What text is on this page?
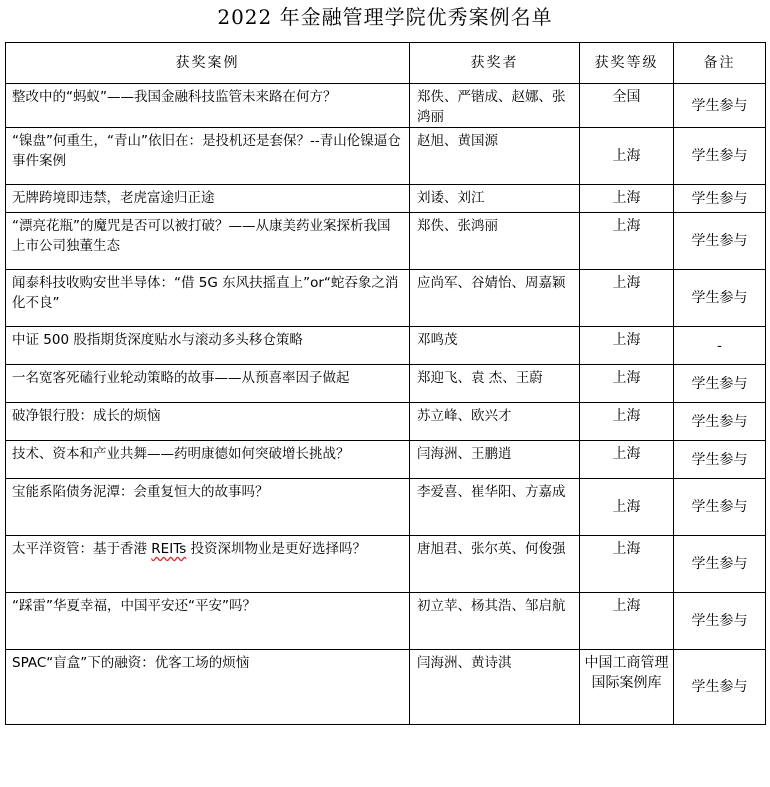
2022 年金融管理学院优秀案例名单
获奖案例	获奖者	获奖等级	备注
整改中的“蚂蚁”——我国金融科技监管未来路在何方？	郑佚、严锴成、赵娜、张鸿丽	全国	学生参与
“镍盘”何重生，“青山”依旧在：是投机还是套保？--青山伦镍逼仓事件案例	赵旭、黄国源	上海	学生参与
无牌跨境即违禁，老虎富途归正途	刘诿、刘江	上海	学生参与
“漂亮花瓶”的魔咒是否可以被打破？——从康美药业案探析我国上市公司独董生态	郑佚、张鸿丽	上海	学生参与
闻泰科技收购安世半导体：“借 5G 东风扶摇直上”or“蛇吞象之消化不良”	应尚军、谷婧怡、周嘉颖	上海	学生参与
中证 500 股指期货深度贴水与滚动多头移仓策略	邓鸣茂	上海	-
一名宽客死磕行业轮动策略的故事——从预喜率因子做起	郑迎飞、袁 杰、王蔚	上海	学生参与
破净银行股：成长的烦恼	苏立峰、欧兴才	上海	学生参与
技术、资本和产业共舞——药明康德如何突破增长挑战？	闫海洲、王鹏逍	上海	学生参与
宝能系陷债务泥潭：会重复恒大的故事吗？	李爱喜、崔华阳、方嘉成	上海	学生参与
太平洋资管：基于香港 REITs 投资深圳物业是更好选择吗？	唐旭君、张尔英、何俊强	上海	学生参与
“踩雷”华夏幸福，中国平安还“平安”吗？	初立苹、杨其浩、邹启航	上海	学生参与
SPAC“盲盒”下的融资：优客工场的烦恼	闫海洲、黄诗淇	中国工商管理国际案例库	学生参与
